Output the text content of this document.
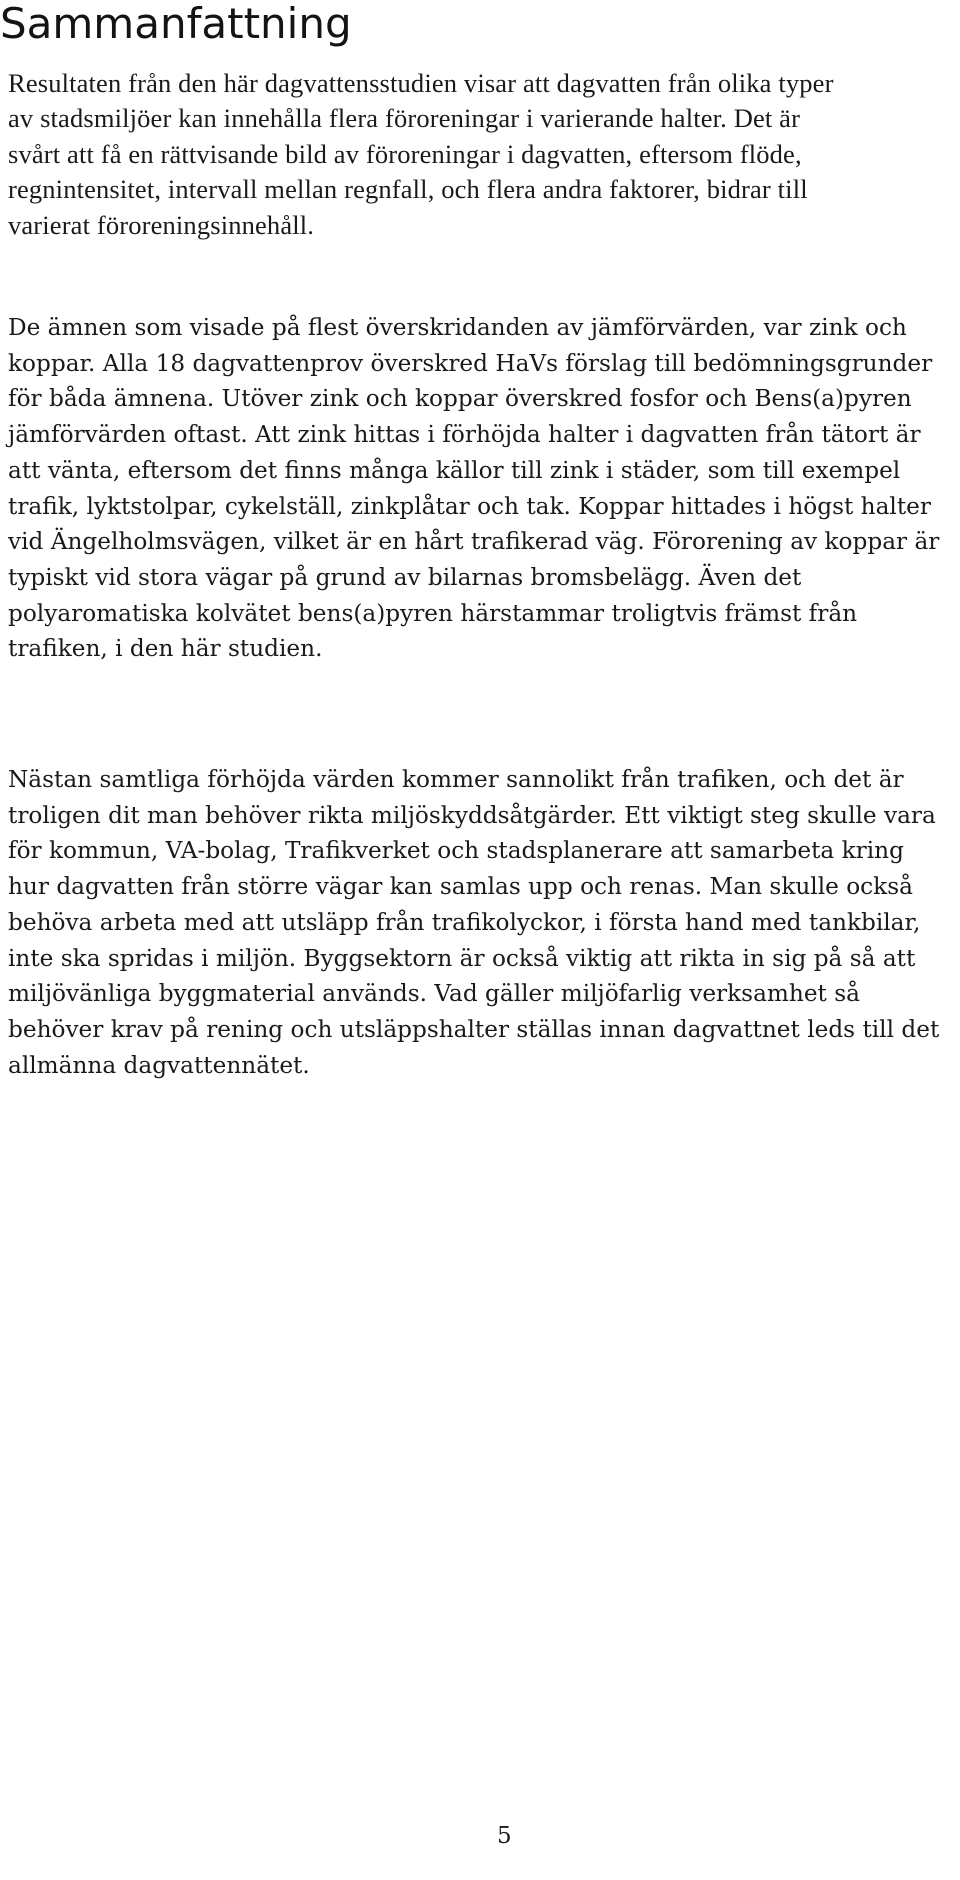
Sammanfattning

Resultaten från den här dagvattensstudien visar att dagvatten från olika typer
av stadsmiljöer kan innehålla flera föroreningar i varierande halter. Det är
svårt att få en rättvisande bild av föroreningar i dagvatten, eftersom flöde,
regnintensitet, intervall mellan regnfall, och flera andra faktorer, bidrar till
varierat föroreningsinnehåll.

De ämnen som visade på flest överskridanden av jämförvärden, var zink och
koppar. Alla 18 dagvattenprov överskred HaVs förslag till bedömningsgrunder
för båda ämnena. Utöver zink och koppar överskred fosfor och Bens(a)pyren
jämförvärden oftast. Att zink hittas i förhöjda halter i dagvatten från tätort är
att vänta, eftersom det finns många källor till zink i städer, som till exempel
trafik, lyktstolpar, cykelställ, zinkplåtar och tak. Koppar hittades i högst halter
vid Ängelholmsvägen, vilket är en hårt trafikerad väg. Förorening av koppar är
typiskt vid stora vägar på grund av bilarnas bromsbelägg. Även det
polyaromatiska kolvätet bens(a)pyren härstammar troligtvis främst från
trafiken, i den här studien.

Nästan samtliga förhöjda värden kommer sannolikt från trafiken, och det är
troligen dit man behöver rikta miljöskyddsåtgärder. Ett viktigt steg skulle vara
för kommun, VA-bolag, Trafikverket och stadsplanerare att samarbeta kring
hur dagvatten från större vägar kan samlas upp och renas. Man skulle också
behöva arbeta med att utsläpp från trafikolyckor, i första hand med tankbilar,
inte ska spridas i miljön. Byggsektorn är också viktig att rikta in sig på så att
miljövänliga byggmaterial används. Vad gäller miljöfarlig verksamhet så
behöver krav på rening och utsläppshalter ställas innan dagvattnet leds till det
allmänna dagvattennätet.

5
